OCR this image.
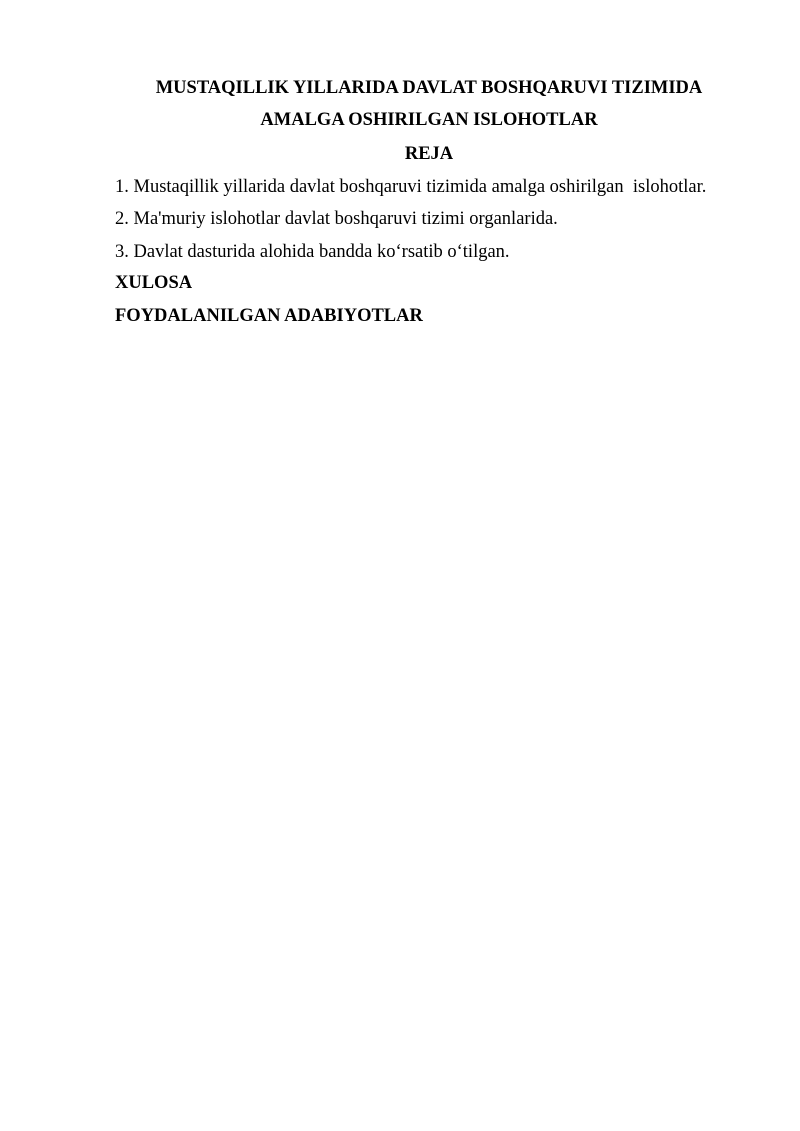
MUSTAQILLIK YILLARIDA DAVLAT BOSHQARUVI TIZIMIDA
AMALGA OSHIRILGAN ISLOHOTLAR
REJA
1. Mustaqillik yillarida davlat boshqaruvi tizimida amalga oshirilgan  islohotlar.
2. Ma'muriy islohotlar davlat boshqaruvi tizimi organlarida.
3. Davlat dasturida alohida bandda ko‘rsatib o‘tilgan.
XULOSA
FOYDALANILGAN ADABIYOTLAR
